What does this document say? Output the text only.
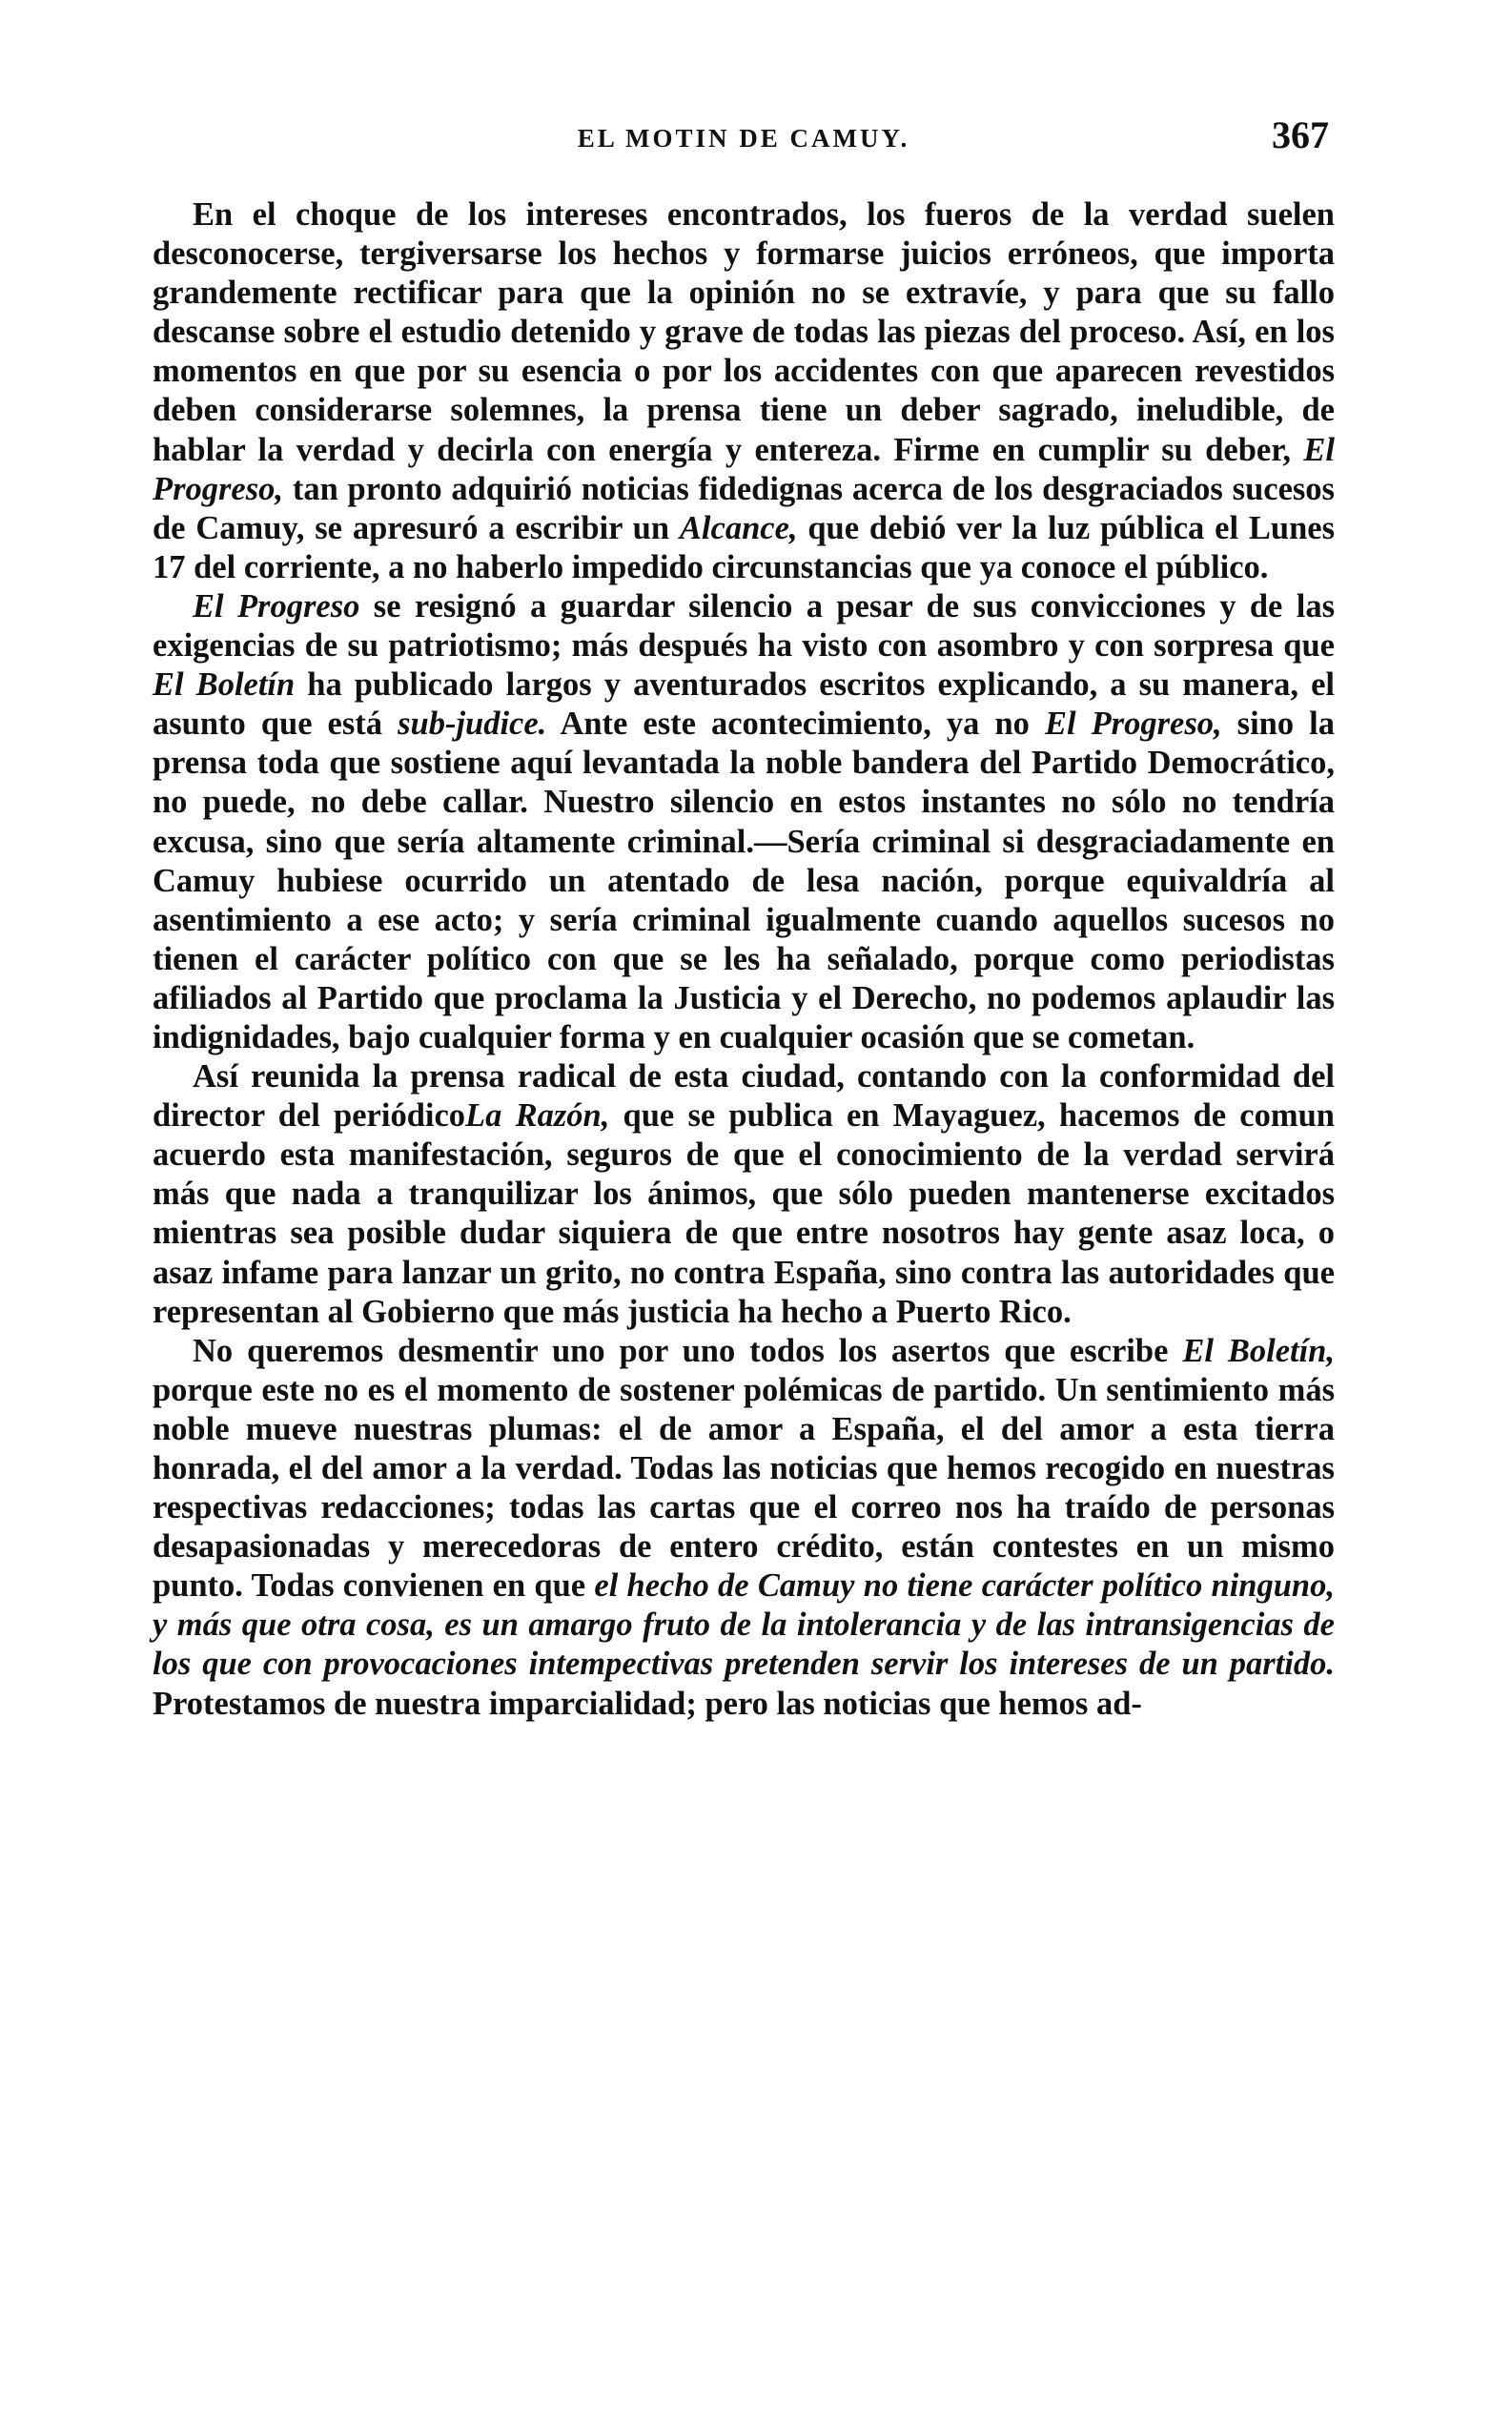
EL MOTIN DE CAMUY.	367

En el choque de los intereses encontrados, los fueros de la verdad suelen desconocerse, tergiversarse los hechos y formarse juicios erróneos, que importa grandemente rectificar para que la opinión no se extravíe, y para que su fallo descanse sobre el estudio detenido y grave de todas las piezas del proceso. Así, en los momentos en que por su esencia o por los accidentes con que aparecen revestidos deben considerarse solemnes, la prensa tiene un deber sagrado, ineludible, de hablar la verdad y decirla con energía y entereza. Firme en cumplir su deber, El Progreso, tan pronto adquirió noticias fidedignas acerca de los desgraciados sucesos de Camuy, se apresuró a escribir un Alcance, que debió ver la luz pública el Lunes 17 del corriente, a no haberlo impedido circunstancias que ya conoce el público.

El Progreso se resignó a guardar silencio a pesar de sus convicciones y de las exigencias de su patriotismo; más después ha visto con asombro y con sorpresa que El Boletín ha publicado largos y aventurados escritos explicando, a su manera, el asunto que está sub-judice. Ante este acontecimiento, ya no El Progreso, sino la prensa toda que sostiene aquí levantada la noble bandera del Partido Democrático, no puede, no debe callar. Nuestro silencio en estos instantes no sólo no tendría excusa, sino que sería altamente criminal.—Sería criminal si desgraciadamente en Camuy hubiese ocurrido un atentado de lesa nación, porque equivaldría al asentimiento a ese acto; y sería criminal igualmente cuando aquellos sucesos no tienen el carácter político con que se les ha señalado, porque como periodistas afiliados al Partido que proclama la Justicia y el Derecho, no podemos aplaudir las indignidades, bajo cualquier forma y en cualquier ocasión que se cometan.

Así reunida la prensa radical de esta ciudad, contando con la conformidad del director del periódicoLa Razón, que se publica en Mayaguez, hacemos de comun acuerdo esta manifestación, seguros de que el conocimiento de la verdad servirá más que nada a tranquilizar los ánimos, que sólo pueden mantenerse excitados mientras sea posible dudar siquiera de que entre nosotros hay gente asaz loca, o asaz infame para lanzar un grito, no contra España, sino contra las autoridades que representan al Gobierno que más justicia ha hecho a Puerto Rico.

No queremos desmentir uno por uno todos los asertos que escribe El Boletín, porque este no es el momento de sostener polémicas de partido. Un sentimiento más noble mueve nuestras plumas: el de amor a España, el del amor a esta tierra honrada, el del amor a la verdad. Todas las noticias que hemos recogido en nuestras respectivas redacciones; todas las cartas que el correo nos ha traído de personas desapasionadas y merecedoras de entero crédito, están contestes en un mismo punto. Todas convienen en que el hecho de Camuy no tiene carácter político ninguno, y más que otra cosa, es un amargo fruto de la intolerancia y de las intransigencias de los que con provocaciones intempectivas pretenden servir los intereses de un partido. Protestamos de nuestra imparcialidad; pero las noticias que hemos ad-
